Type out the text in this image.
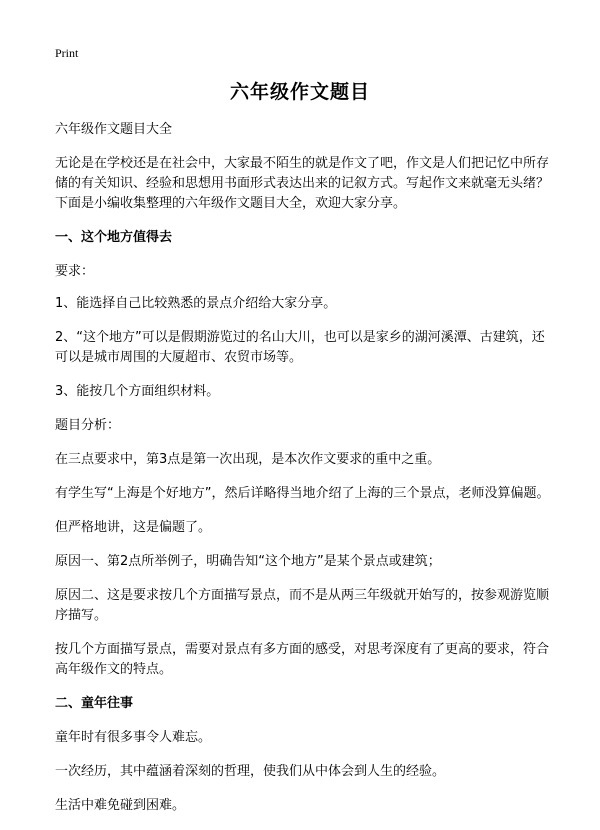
Print
六年级作文题目

六年级作文题目大全

无论是在学校还是在社会中，大家最不陌生的就是作文了吧，作文是人们把记忆中所存储的有关知识、经验和思想用书面形式表达出来的记叙方式。写起作文来就毫无头绪？下面是小编收集整理的六年级作文题目大全，欢迎大家分享。

一、这个地方值得去

要求：

1、能选择自己比较熟悉的景点介绍给大家分享。

2、“这个地方”可以是假期游览过的名山大川，也可以是家乡的湖河溪潭、古建筑，还可以是城市周围的大厦超市、农贸市场等。

3、能按几个方面组织材料。

题目分析：

在三点要求中，第3点是第一次出现，是本次作文要求的重中之重。

有学生写“上海是个好地方”，然后详略得当地介绍了上海的三个景点，老师没算偏题。

但严格地讲，这是偏题了。

原因一、第2点所举例子，明确告知“这个地方”是某个景点或建筑；

原因二、这是要求按几个方面描写景点，而不是从两三年级就开始写的，按参观游览顺序描写。

按几个方面描写景点，需要对景点有多方面的感受，对思考深度有了更高的要求，符合高年级作文的特点。

二、童年往事

童年时有很多事令人难忘。

一次经历，其中蕴涵着深刻的哲理，使我们从中体会到人生的经验。

生活中难免碰到困难。
